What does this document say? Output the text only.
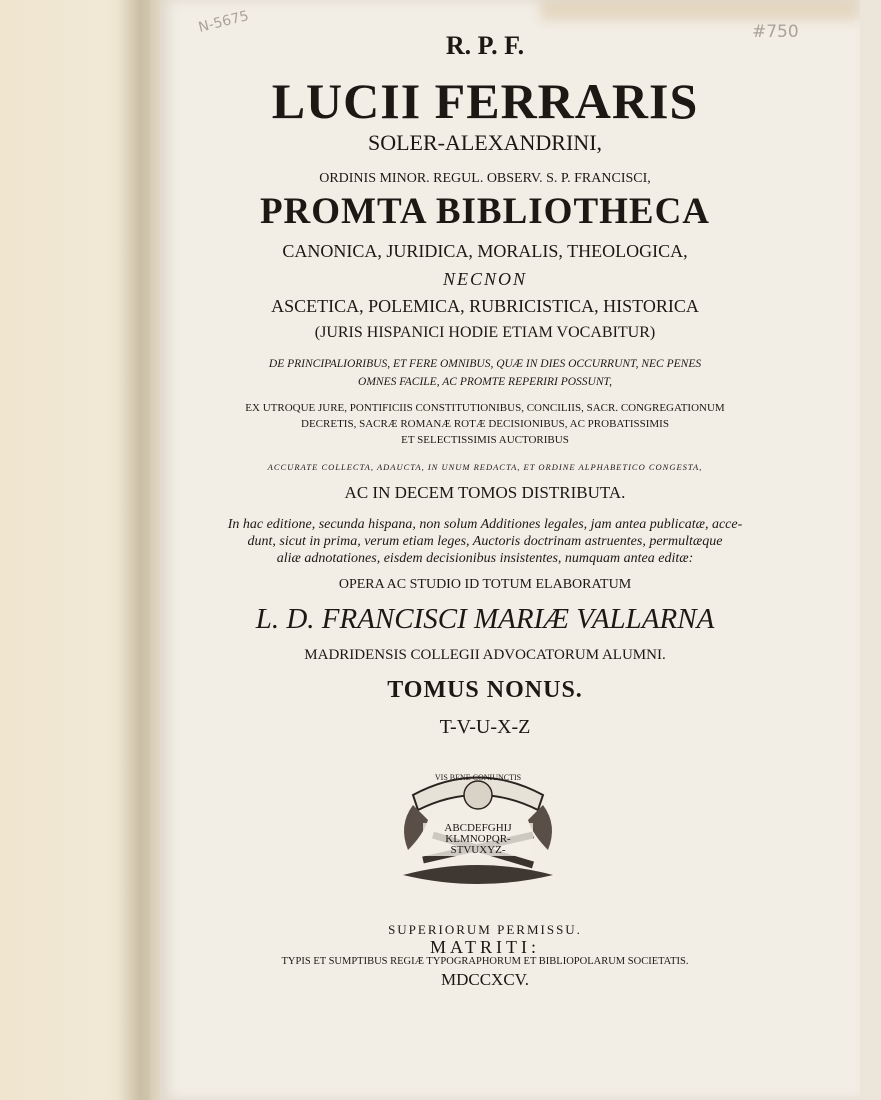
N-5675	#750
R. P. F.
LUCII FERRARIS
SOLER-ALEXANDRINI,
ORDINIS MINOR. REGUL. OBSERV. S. P. FRANCISCI,
PROMTA BIBLIOTHECA
CANONICA, JURIDICA, MORALIS, THEOLOGICA,
NECNON
ASCETICA, POLEMICA, RUBRICISTICA, HISTORICA
(JURIS HISPANICI HODIE ETIAM VOCABITUR)
DE PRINCIPALIORIBUS, ET FERE OMNIBUS, QUÆ IN DIES OCCURRUNT, NEC PENES
OMNES FACILE, AC PROMTE REPERIRI POSSUNT,
EX UTROQUE JURE, PONTIFICIIS CONSTITUTIONIBUS, CONCILIIS, SACR. CONGREGATIONUM
DECRETIS, SACRÆ ROMANÆ ROTÆ DECISIONIBUS, AC PROBATISSIMIS
ET SELECTISSIMIS AUCTORIBUS
ACCURATE COLLECTA, ADAUCTA, IN UNUM REDACTA, ET ORDINE ALPHABETICO CONGESTA,
AC IN DECEM TOMOS DISTRIBUTA.
In hac editione, secunda hispana, non solum Additiones legales, jam antea publicatæ, acce-
dunt, sicut in prima, verum etiam leges, Auctoris doctrinam astruentes, permultæque
aliæ adnotationes, eisdem decisionibus insistentes, numquam antea editæ:
OPERA AC STUDIO ID TOTUM ELABORATUM
L. D. FRANCISCI MARIÆ VALLARNA
MADRIDENSIS COLLEGII ADVOCATORUM ALUMNI.
TOMUS NONUS.
T-V-U-X-Z
VIS BENE CONIUNCTIS
ABCDEFGHIJ
KLMNOPQR-
STVUXYZ-
SUPERIORUM PERMISSU.
MATRITI:
TYPIS ET SUMPTIBUS REGIÆ TYPOGRAPHORUM ET BIBLIOPOLARUM SOCIETATIS.
MDCCXCV.
